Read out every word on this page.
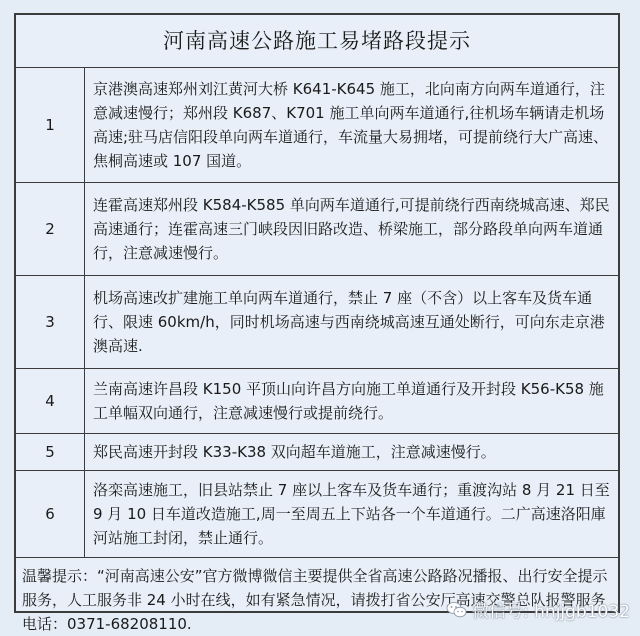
河南高速公路施工易堵路段提示
1	京港澳高速郑州刘江黄河大桥 K641-K645 施工，北向南方向两车道通行，注意减速慢行；郑州段 K687、K701 施工单向两车道通行,往机场车辆请走机场高速;驻马店信阳段单向两车道通行，车流量大易拥堵，可提前绕行大广高速、焦桐高速或 107 国道。
2	连霍高速郑州段 K584-K585 单向两车道通行,可提前绕行西南绕城高速、郑民高速通行；连霍高速三门峡段因旧路改造、桥梁施工，部分路段单向两车道通行，注意减速慢行。
3	机场高速改扩建施工单向两车道通行，禁止 7 座（不含）以上客车及货车通行、限速 60km/h，同时机场高速与西南绕城高速互通处断行，可向东走京港澳高速.
4	兰南高速许昌段 K150 平顶山向许昌方向施工单道通行及开封段 K56-K58 施工单幅双向通行，注意减速慢行或提前绕行。
5	郑民高速开封段 K33-K38 双向超车道施工，注意减速慢行。
6	洛栾高速施工，旧县站禁止 7 座以上客车及货车通行；重渡沟站 8 月 21 日至 9 月 10 日车道改造施工,周一至周五上下站各一个车道通行。二广高速洛阳庫河站施工封闭，禁止通行。
温馨提示：“河南高速公安”官方微博微信主要提供全省高速公路路况播报、出行安全提示服务，人工服务非 24 小时在线，如有紧急情况，请拨打省公安厅高速交警总队报警服务电话：0371-68208110.	微信号: hnjjgb1032
